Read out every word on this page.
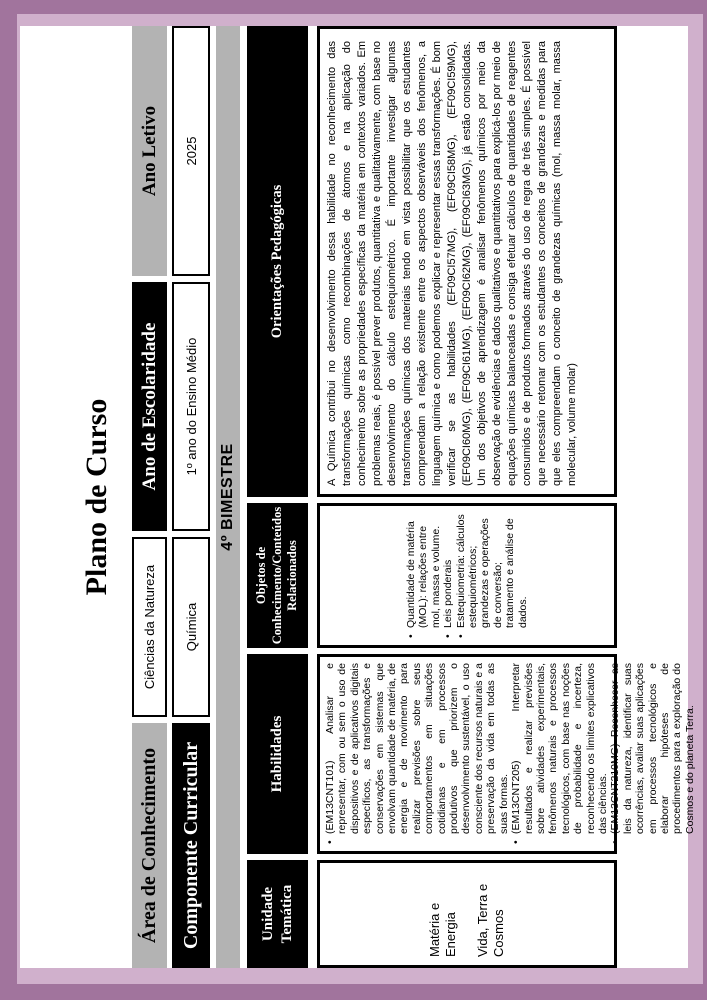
Plano de Curso
Área de Conhecimento
Ciências da Natureza
Ano de Escolaridade
Ano Letivo
Componente Curricular
Química
1º ano do Ensino Médio
2025
4º BIMESTRE
Unidade Temática
Habilidades
Objetos de Conhecimento/Conteúdos Relacionados
Orientações Pedagógicas
Matéria e Energia Vida, Terra e Cosmos
•
(EM13CNT101) Analisar e representar, com ou sem o uso de dispositivos e de aplicativos digitais específicos, as transformações e conservações em sistemas que envolvam quantidade de matéria, de energia e de movimento para realizar previsões sobre seus comportamentos em situações cotidianas e em processos produtivos que priorizem o desenvolvimento sustentável, o uso consciente dos recursos naturais e a preservação da vida em todas as suas formas.
•
(EM13CNT205) Interpretar resultados e realizar previsões sobre atividades experimentais, fenômenos naturais e processos tecnológicos, com base nas noções de probabilidade e incerteza, reconhecendo os limites explicativos das ciências.
•
(EM13CNT210MG) Reconhecer as leis da natureza, identificar suas ocorrências, avaliar suas aplicações em processos tecnológicos e elaborar hipóteses de procedimentos para a exploração do Cosmos e do planeta Terra.
•
Quantidade de matéria (MOL): relações entre mol, massa e volume.
•
Leis ponderais
•
Estequiometria: cálculos estequiométricos; grandezas e operações de conversão; tratamento e análise de dados.
A Química contribui no desenvolvimento dessa habilidade no reconhecimento das transformações químicas como recombinações de átomos e na aplicação do conhecimento sobre as propriedades específicas da matéria em contextos variados. Em problemas reais, é possível prever produtos, quantitativa e qualitativamente, com base no desenvolvimento do cálculo estequiométrico. É importante investigar algumas transformações químicas dos materiais tendo em vista possibilitar que os estudantes compreendam a relação existente entre os aspectos observáveis dos fenômenos, a linguagem química e como podemos explicar e representar essas transformações. É bom verificar se as habilidades (EF09CI57MG), (EF09CI58MG), (EF09CI59MG), (EF09CI60MG), (EF09CI61MG), (EF09CI62MG), (EF09CI63MG), já estão consolidadas. Um dos objetivos de aprendizagem é analisar fenômenos químicos por meio da observação de evidências e dados qualitativos e quantitativos para explicá-los por meio de equações químicas balanceadas e consiga efetuar cálculos de quantidades de reagentes consumidos e de produtos formados através do uso de regra de três simples. É possível que necessário retomar com os estudantes os conceitos de grandezas e medidas para que eles compreendam o conceito de grandezas químicas (mol, massa molar, massa molecular, volume molar)
